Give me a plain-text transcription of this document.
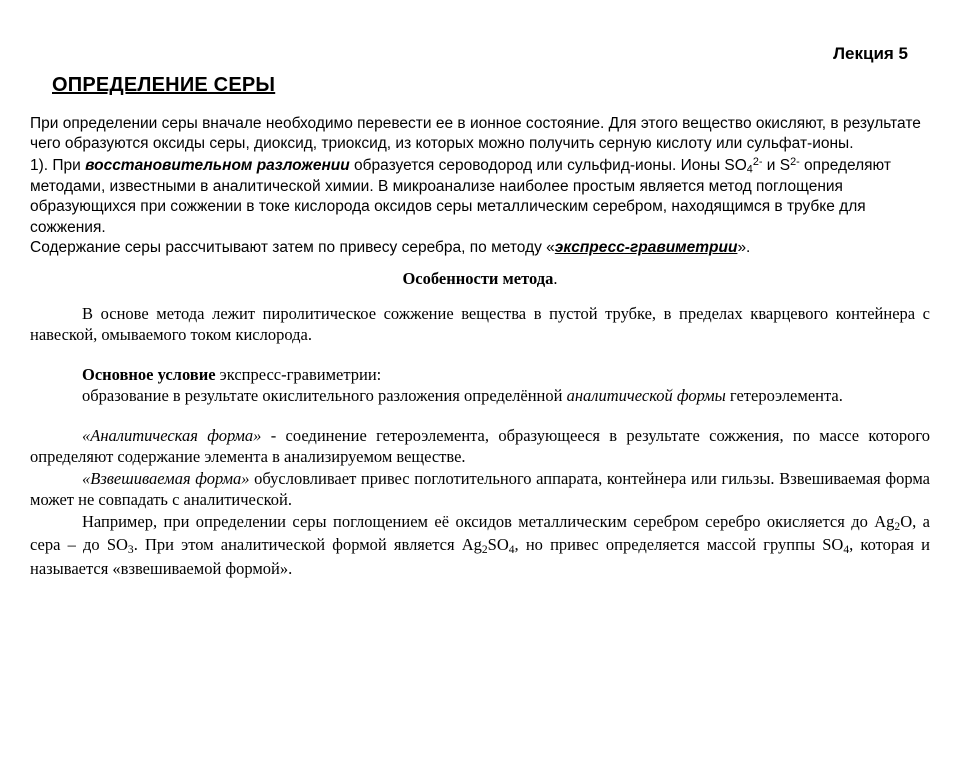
Лекция 5
ОПРЕДЕЛЕНИЕ СЕРЫ

При определении серы вначале необходимо перевести ее в ионное состояние. Для этого вещество окисляют, в результате чего образуются оксиды серы, диоксид, триоксид, из которых можно получить серную кислоту или сульфат-ионы.

1). При восстановительном разложении образуется сероводород или сульфид-ионы. Ионы $SO_4^{2-}$ и $S^{2-}$ определяют методами, известными в аналитической химии. В микроанализе наиболее простым является метод поглощения образующихся при сожжении в токе кислорода оксидов серы металлическим серебром, находящимся в трубке для сожжения.

Содержание серы рассчитывают затем по привесу серебра, по методу «экспресс-гравиметрии».

Особенности метода.

В основе метода лежит пиролитическое сожжение вещества в пустой трубке, в пределах кварцевого контейнера с навеской, омываемого током кислорода.

Основное условие экспресс-гравиметрии:

образование в результате окислительного разложения определённой аналитической формы гетероэлемента.

«Аналитическая форма» - соединение гетероэлемента, образующееся в результате сожжения, по массе которого определяют содержание элемента в анализируемом веществе.

«Взвешиваемая форма» обусловливает привес поглотительного аппарата, контейнера или гильзы. Взвешиваемая форма может не совпадать с аналитической.

Например, при определении серы поглощением её оксидов металлическим серебром серебро окисляется до $Ag_2O$, а сера – до $SO_3$. При этом аналитической формой является $Ag_2SO_4$, но привес определяется массой группы $SO_4$, которая и называется «взвешиваемой формой».
